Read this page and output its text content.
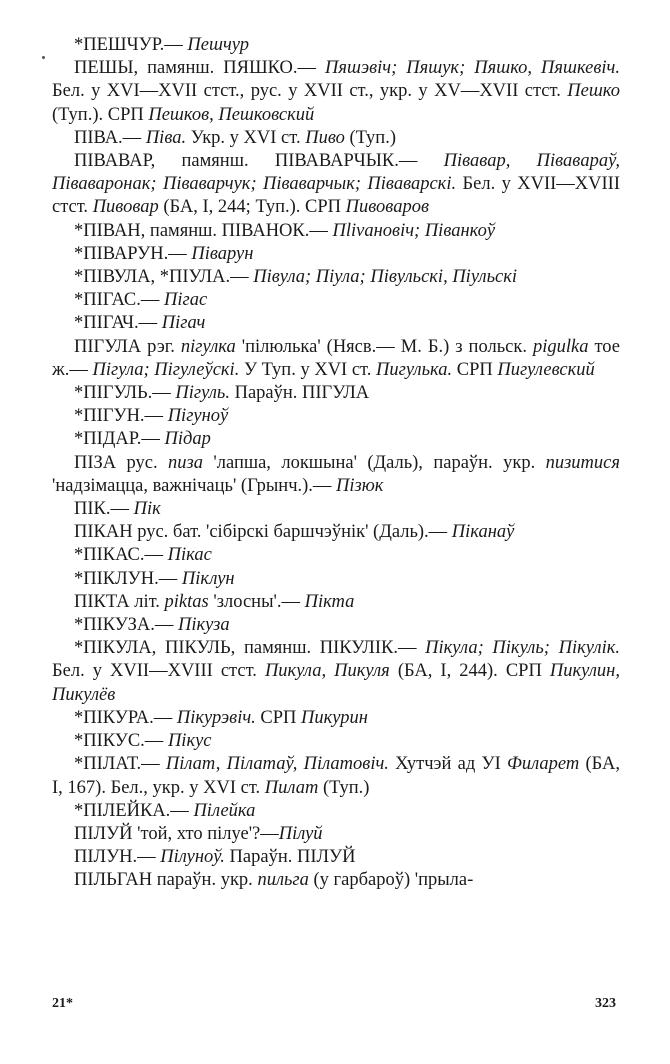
*ПЕШЧУР.— Пешчур

ПЕШЫ, памянш. ПЯШКО.— Пяшэвіч; Пяшук; Пяшко, Пяшкевіч. Бел. у XVI—XVII стст., рус. у XVII ст., укр. у XV—XVII стст. Пешко (Туп.). СРП Пешков, Пешковский

ПІВА.— Піва. Укр. у XVI ст. Пиво (Туп.)

ПІВАВАР, памянш. ПІВАВАРЧЫК.— Піваваp, Півавapaў, Піваваронак; Піваварчук; Піваварчык; Піваварскі. Бел. у XVII—XVIII стст. Пивовар (БА, I, 244; Туп.). СРП Пивоваров

*ПІВАН, памянш. ПІВАНОК.— Пlivaновіч; Піванкоў

*ПІВАРУН.— Піварун

*ПІВУЛА, *ПІУЛА.— Півула; Піула; Півульскі, Піульскі

*ПІГАС.— Пігас

*ПІГАЧ.— Пігач

ПІГУЛА рэг. пігулка 'пілюлька' (Нясв.— М. Б.) з польск. pigulka тое ж.— Пігула; Пігулеўскі. У Туп. у XVI ст. Пигулька. СРП Пигулевский

*ПІГУЛЬ.— Пігуль. Параўн. ПІГУЛА

*ПІГУН.— Пігуноў

*ПІДАР.— Підар

ПІЗА рус. пиза 'лапша, локшына' (Даль), параўн. укр. пизитися 'надзімацца, важнічаць' (Грынч.).— Пізюк

ПІК.— Пік

ПІКАН рус. бат. 'сібірскі баршчэўнік' (Даль).— Піканаў

*ПІКАС.— Пікас

*ПІКЛУН.— Піклун

ПІКТА літ. piktas 'злосны'.— Пікта

*ПІКУЗА.— Пікуза

*ПІКУЛА, ПІКУЛЬ, памянш. ПІКУЛІК.— Пікула; Пікуль; Пікулік. Бел. у XVII—XVIII стст. Пикула, Пикуля (БА, I, 244). СРП Пикулин, Пикулёв

*ПІКУРА.— Пікурэвіч. СРП Пикурин

*ПІКУС.— Пікус

*ПІЛАТ.— Пілат, Пілатаў, Пілатовіч. Хутчэй ад УІ Филарет (БА, I, 167). Бел., укр. у XVI ст. Пилат (Туп.)

*ПІЛЕЙКА.— Пілейка

ПІЛУЙ 'той, хто пілуе'?—Пілуй

ПІЛУН.— Пілуноў. Параўн. ПІЛУЙ

ПІЛЬГАН параўн. укр. пильга (у гарбароў) 'прыла-

21*	323
